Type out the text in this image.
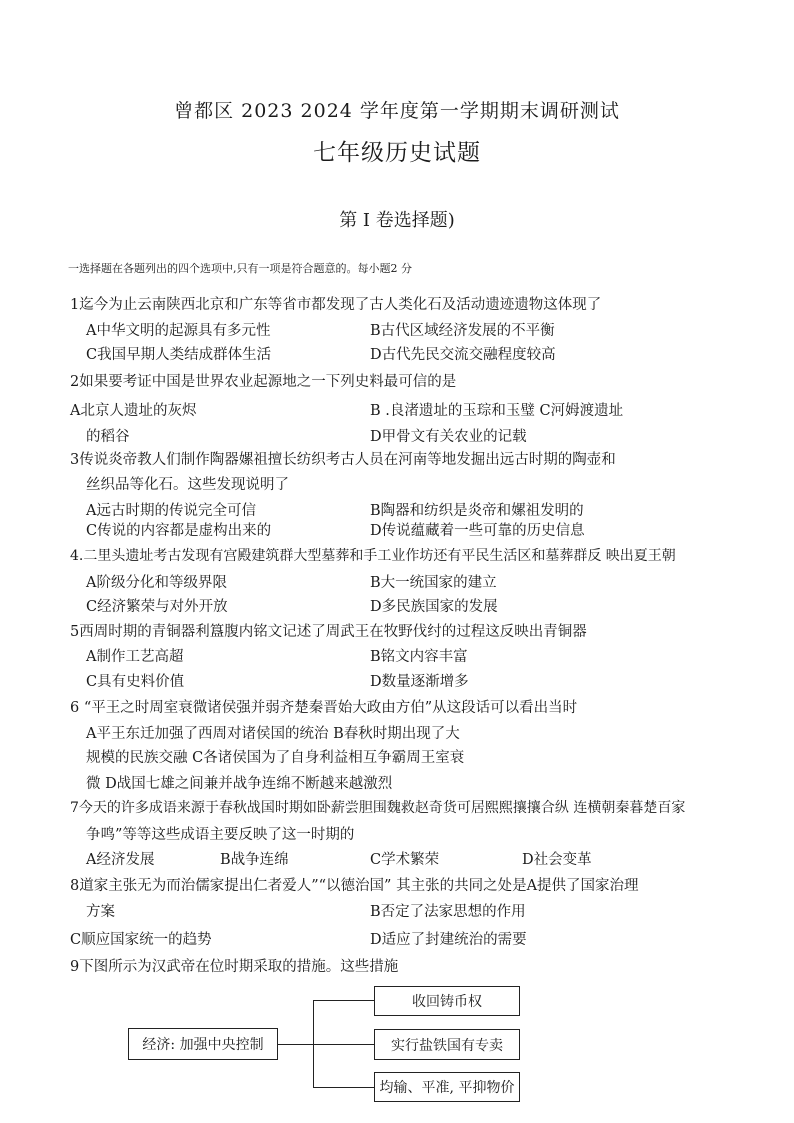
曾都区 2023 2024 学年度第一学期期末调研测试
七年级历史试题
第 I 卷选择题)
一选择题在各题列出的四个选项中,只有一项是符合题意的。每小题2 分
1迄今为止云南陕西北京和广东等省市都发现了古人类化石及活动遗迹遗物这体现了
A中华文明的起源具有多元性	B古代区域经济发展的不平衡
C我国早期人类结成群体生活	D古代先民交流交融程度较高
2如果要考证中国是世界农业起源地之一下列史料最可信的是
A北京人遗址的灰烬	B .良渚遗址的玉琮和玉璧 C河姆渡遗址
的稻谷	D甲骨文有关农业的记载
3传说炎帝教人们制作陶器嫘祖擅长纺织考古人员在河南等地发掘出远古时期的陶壶和
丝织品等化石。这些发现说明了
A远古时期的传说完全可信	B陶器和纺织是炎帝和嫘祖发明的
C传说的内容都是虚构出来的	D传说蕴藏着一些可靠的历史信息
4.二里头遗址考古发现有宫殿建筑群大型墓葬和手工业作坊还有平民生活区和墓葬群反 映出夏王朝
A阶级分化和等级界限	B大一统国家的建立
C经济繁荣与对外开放	D多民族国家的发展
5西周时期的青铜器利簋腹内铭文记述了周武王在牧野伐纣的过程这反映出青铜器
A制作工艺高超	B铭文内容丰富
C具有史料价值	D数量逐渐增多
6 “平王之时周室衰微诸侯强并弱齐楚秦晋始大政由方伯”从这段话可以看出当时
A平王东迁加强了西周对诸侯国的统治 B春秋时期出现了大
规模的民族交融 C各诸侯国为了自身利益相互争霸周王室衰
微 D战国七雄之间兼并战争连绵不断越来越激烈
7今天的许多成语来源于春秋战国时期如卧薪尝胆围魏救赵奇货可居熙熙攘攘合纵 连横朝秦暮楚百家
争鸣”等等这些成语主要反映了这一时期的
A经济发展	B战争连绵	C学术繁荣	D社会变革
8道家主张无为而治儒家提出仁者爱人”“以德治国” 其主张的共同之处是A提供了国家治理
方案	B否定了法家思想的作用
C顺应国家统一的趋势	D适应了封建统治的需要
9下图所示为汉武帝在位时期采取的措施。这些措施
经济: 加强中央控制
收回铸币权
实行盐铁国有专卖
均输、平准, 平抑物价
